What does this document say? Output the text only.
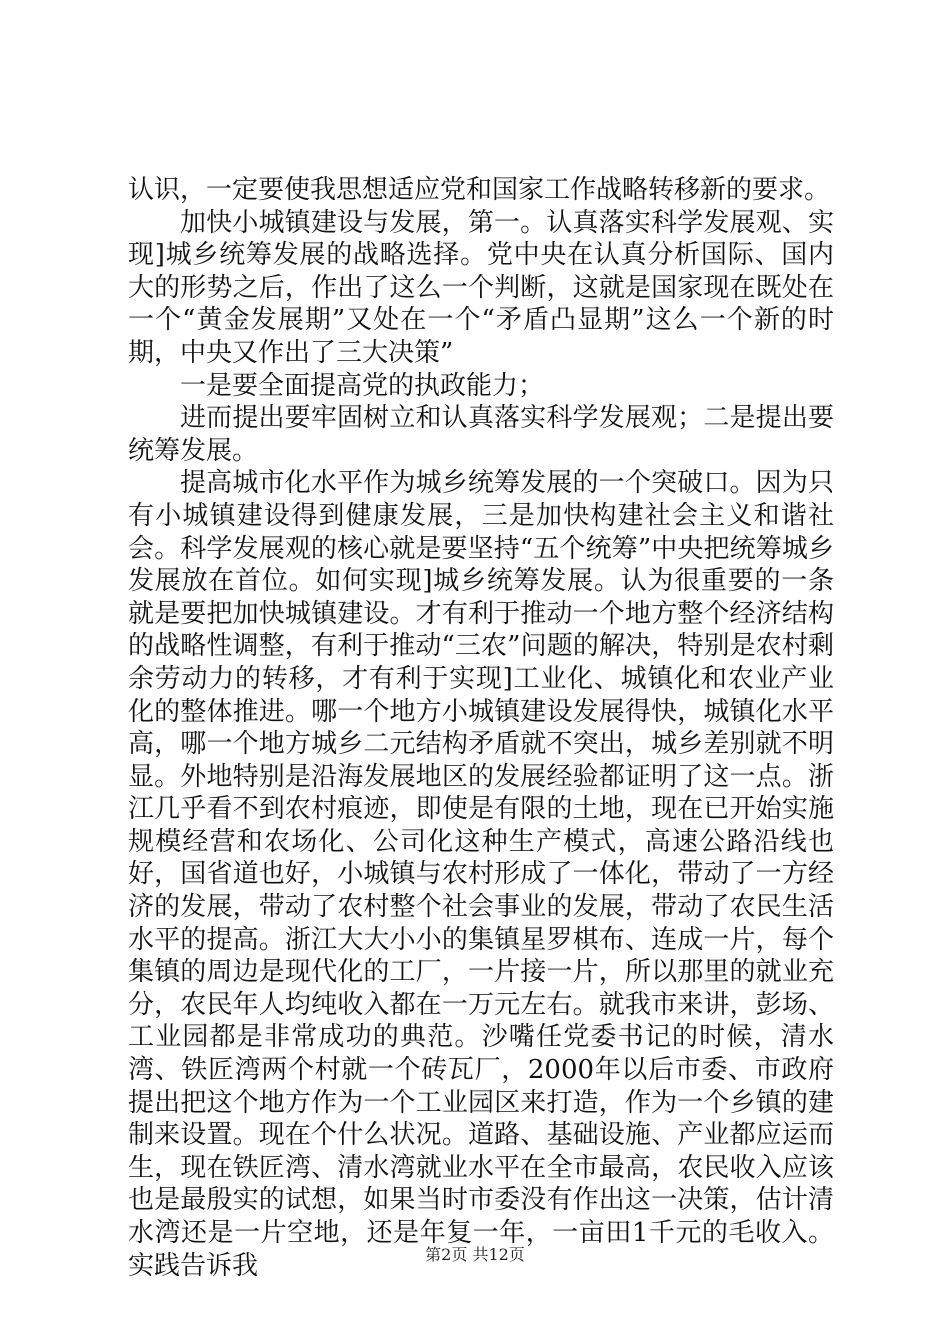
认识，一定要使我思想适应党和国家工作战略转移新的要求。

加快小城镇建设与发展，第一。认真落实科学发展观、实现]城乡统筹发展的战略选择。党中央在认真分析国际、国内大的形势之后，作出了这么一个判断，这就是国家现在既处在一个“黄金发展期”又处在一个“矛盾凸显期”这么一个新的时期，中央又作出了三大决策”

一是要全面提高党的执政能力；

进而提出要牢固树立和认真落实科学发展观；二是提出要统筹发展。

提高城市化水平作为城乡统筹发展的一个突破口。因为只有小城镇建设得到健康发展，三是加快构建社会主义和谐社会。科学发展观的核心就是要坚持“五个统筹”中央把统筹城乡发展放在首位。如何实现]城乡统筹发展。认为很重要的一条就是要把加快城镇建设。才有利于推动一个地方整个经济结构的战略性调整，有利于推动“三农”问题的解决，特别是农村剩余劳动力的转移，才有利于实现]工业化、城镇化和农业产业化的整体推进。哪一个地方小城镇建设发展得快，城镇化水平高，哪一个地方城乡二元结构矛盾就不突出，城乡差别就不明显。外地特别是沿海发展地区的发展经验都证明了这一点。浙江几乎看不到农村痕迹，即使是有限的土地，现在已开始实施规模经营和农场化、公司化这种生产模式，高速公路沿线也好，国省道也好，小城镇与农村形成了一体化，带动了一方经济的发展，带动了农村整个社会事业的发展，带动了农民生活水平的提高。浙江大大小小的集镇星罗棋布、连成一片，每个集镇的周边是现代化的工厂，一片接一片，所以那里的就业充分，农民年人均纯收入都在一万元左右。就我市来讲，彭场、工业园都是非常成功的典范。沙嘴任党委书记的时候，清水湾、铁匠湾两个村就一个砖瓦厂，2000年以后市委、市政府提出把这个地方作为一个工业园区来打造，作为一个乡镇的建制来设置。现在个什么状况。道路、基础设施、产业都应运而生，现在铁匠湾、清水湾就业水平在全市最高，农民收入应该也是最殷实的试想，如果当时市委没有作出这一决策，估计清水湾还是一片空地，还是年复一年，一亩田1千元的毛收入。实践告诉我	第2页 共12页
